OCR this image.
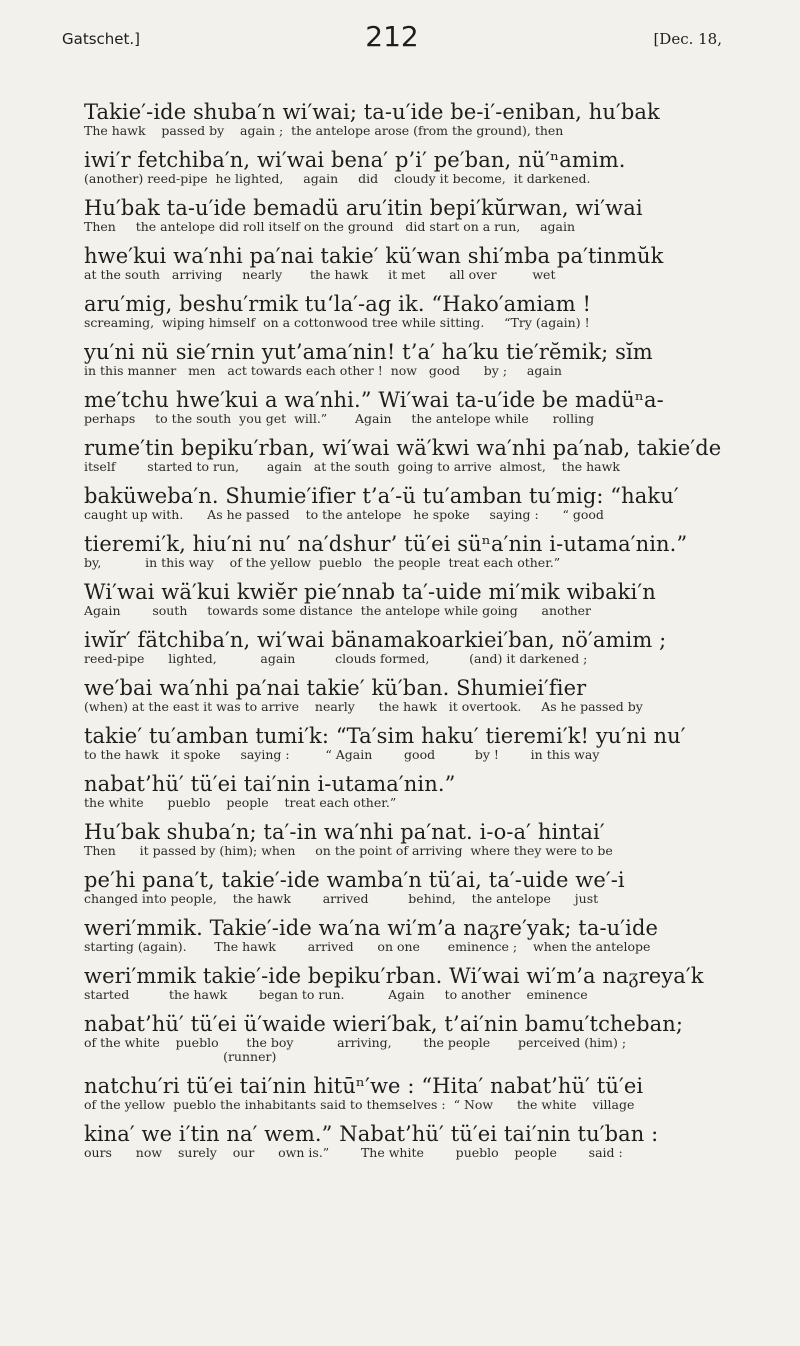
Gatschet.]	212	[Dec. 18,
Takie′-ide shuba′n wi′wai; ta-u′ide be-i′-eniban, hu′bak
The hawk    passed by    again ;  the antelope arose (from the ground), then
iwi′r fetchiba′n, wi′wai bena′ p’i′ pe′ban, nü′ⁿamim.
(another) reed-pipe  he lighted,     again     did    cloudy it become,  it darkened.
Hu′bak ta-u′ide bemadü aru′itin bepi′kŭrwan, wi′wai
Then     the antelope did roll itself on the ground   did start on a run,     again
hwe′kui wa′nhi pa′nai takie′ kü′wan shi′mba pa′tinmŭk
at the south   arriving     nearly       the hawk     it met      all over         wet
aru′mig, beshu′rmik tu‘la′-ag ik. “Hako′amiam !
screaming,  wiping himself  on a cottonwood tree while sitting.     “Try (again) !
yu′ni nü sie′rnin yut’ama′nin! t’a′ ha′ku tie′rĕmik; sĭm
in this manner   men   act towards each other !  now   good      by ;     again
me′tchu hwe′kui a wa′nhi.” Wi′wai ta-u′ide be madüⁿa-
perhaps     to the south  you get  will.”       Again     the antelope while      rolling
rume′tin bepiku′rban, wi′wai wä′kwi wa′nhi pa′nab, takie′de
itself        started to run,       again   at the south  going to arrive  almost,    the hawk
baküweba′n. Shumie′ifier t’a′-ü tu′amban tu′mig: “haku′
caught up with.      As he passed    to the antelope   he spoke     saying :      “ good
tieremi′k, hiu′ni nu′ na′dshur’ tü′ei süⁿa′nin i-utama′nin.”
by,           in this way    of the yellow  pueblo   the people  treat each other.”
Wi′wai wä′kui kwiĕr pie′nnab ta′-uide mi′mik wibaki′n
Again        south     towards some distance  the antelope while going      another
iwĭr′ fätchiba′n, wi′wai bänamakoarkiei′ban, nö′amim ;
reed-pipe      lighted,           again          clouds formed,          (and) it darkened ;
we′bai wa′nhi pa′nai takie′ kü′ban. Shumiei′fier
(when) at the east it was to arrive    nearly      the hawk   it overtook.     As he passed by
takie′ tu′amban tumi′k: “Ta′sim haku′ tieremi′k! yu′ni nu′
to the hawk   it spoke     saying :         “ Again        good          by !        in this way
nabat’hü′ tü′ei tai′nin i-utama′nin.”
the white      pueblo    people    treat each other.”
Hu′bak shuba′n; ta′-in wa′nhi pa′nat. i-o-a′ hintai′
Then      it passed by (him); when     on the point of arriving  where they were to be
pe′hi pana′t, takie′-ide wamba′n tü′ai, ta′-uide we′-i
changed into people,    the hawk        arrived          behind,    the antelope      just
weri′mmik. Takie′-ide wa′na wi′m’a naᵹre′yak; ta-u′ide
starting (again).       The hawk        arrived      on one       eminence ;    when the antelope
weri′mmik takie′-ide bepiku′rban. Wi′wai wi′m’a naᵹreya′k
started          the hawk        began to run.           Again     to another    eminence
nabat’hü′ tü′ei ü′waide wieri′bak, t’ai′nin bamu′tcheban;
of the white    pueblo       the boy           arriving,        the people       perceived (him) ;
(runner)
natchu′ri tü′ei tai′nin hitūⁿ′we : “Hita′ nabat’hü′ tü′ei
of the yellow  pueblo the inhabitants said to themselves :  “ Now      the white    village
kina′ we i′tin na′ wem.” Nabat’hü′ tü′ei tai′nin tu′ban :
ours      now    surely    our      own is.”        The white        pueblo    people        said :
